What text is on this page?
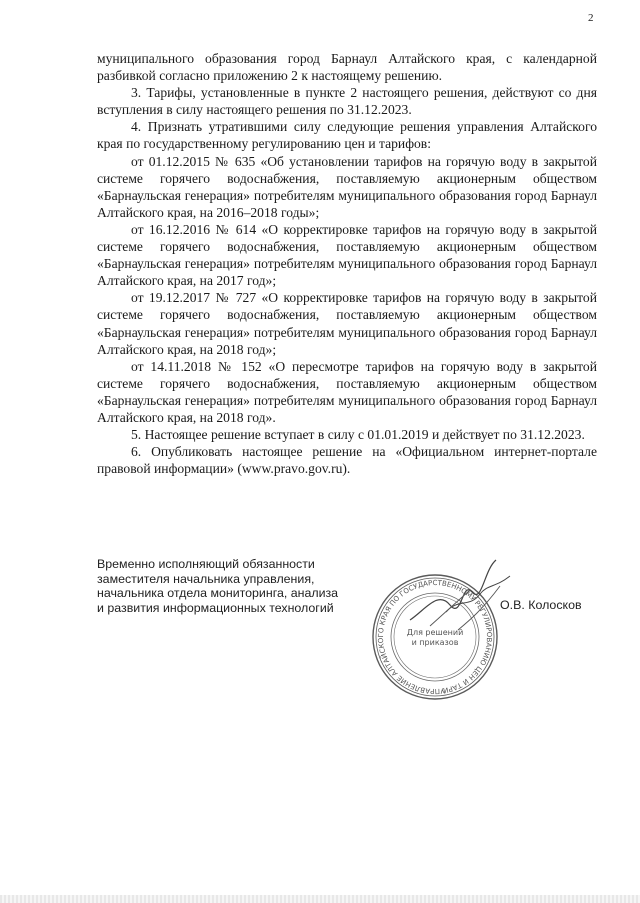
2

муниципального образования город Барнаул Алтайского края, с календарной разбивкой согласно приложению 2 к настоящему решению.

3. Тарифы, установленные в пункте 2 настоящего решения, действуют со дня вступления в силу настоящего решения по 31.12.2023.

4. Признать утратившими силу следующие решения управления Алтайского края по государственному регулированию цен и тарифов:

от 01.12.2015 № 635 «Об установлении тарифов на горячую воду в закрытой системе горячего водоснабжения, поставляемую акционерным обществом «Барнаульская генерация» потребителям муниципального образования город Барнаул Алтайского края, на 2016–2018 годы»;

от 16.12.2016 № 614 «О корректировке тарифов на горячую воду в закрытой системе горячего водоснабжения, поставляемую акционерным обществом «Барнаульская генерация» потребителям муниципального образования город Барнаул Алтайского края, на 2017 год»;

от 19.12.2017 № 727 «О корректировке тарифов на горячую воду в закрытой системе горячего водоснабжения, поставляемую акционерным обществом «Барнаульская генерация» потребителям муниципального образования город Барнаул Алтайского края, на 2018 год»;

от 14.11.2018 № 152 «О пересмотре тарифов на горячую воду в закрытой системе горячего водоснабжения, поставляемую акционерным обществом «Барнаульская генерация» потребителям муниципального образования город Барнаул Алтайского края, на 2018 год».

5. Настоящее решение вступает в силу с 01.01.2019 и действует по 31.12.2023.

6. Опубликовать настоящее решение на «Официальном интернет-портале правовой информации» (www.pravo.gov.ru).

Временно исполняющий обязанности
заместителя начальника управления,
начальника отдела мониторинга, анализа
и развития информационных технологий
УПРАВЛЕНИЕ АЛТАЙСКОГО КРАЯ ПО ГОСУДАРСТВЕННОМУ РЕГУЛИРОВАНИЮ ЦЕН И ТАРИФОВ
Для решений
и приказов
О.В. Колосков
